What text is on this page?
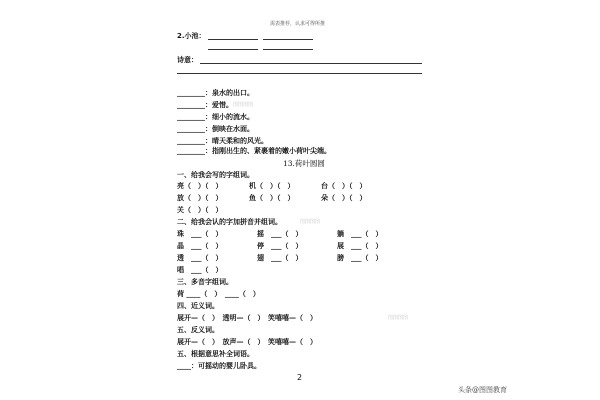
需表推荐，认求可得所推
2.小池：
诗意：
________：泉水的出口。
________：爱惜。 图图图图
________：细小的流水。
________：倒映在水面。
________：晴天柔和的风光。
________：指刚出生的、紧裹着的嫩小荷叶尖端。
13.荷叶圆圆
一、给我会写的字组词。
亮（　）（　）	机（　）（　）	台（　）（　）
放（　）（　）	鱼（　）（　）	朵（　）（　）
关（　）（　）
二、给我会认的字加拼音并组词。	图图图图
珠　___（　）	摇　___（　）	躺　___（　）
晶　___（　）	停　___（　）	展　___（　）
透　___（　）	翅　___（　）	膀　___（　）
唱　___（　）
三、多音字组词。
荷 ____（　）　____（　）
四、近义词。
展开—（　）　透明—（　）　笑嘻嘻—（　）	图图图图
五、反义词。
展开—（　）　放声—（　）　笑嘻嘻—（　）
五、根据意思补全词语。
____：可摇动的婴儿卧具。
2
头条@图图教育
